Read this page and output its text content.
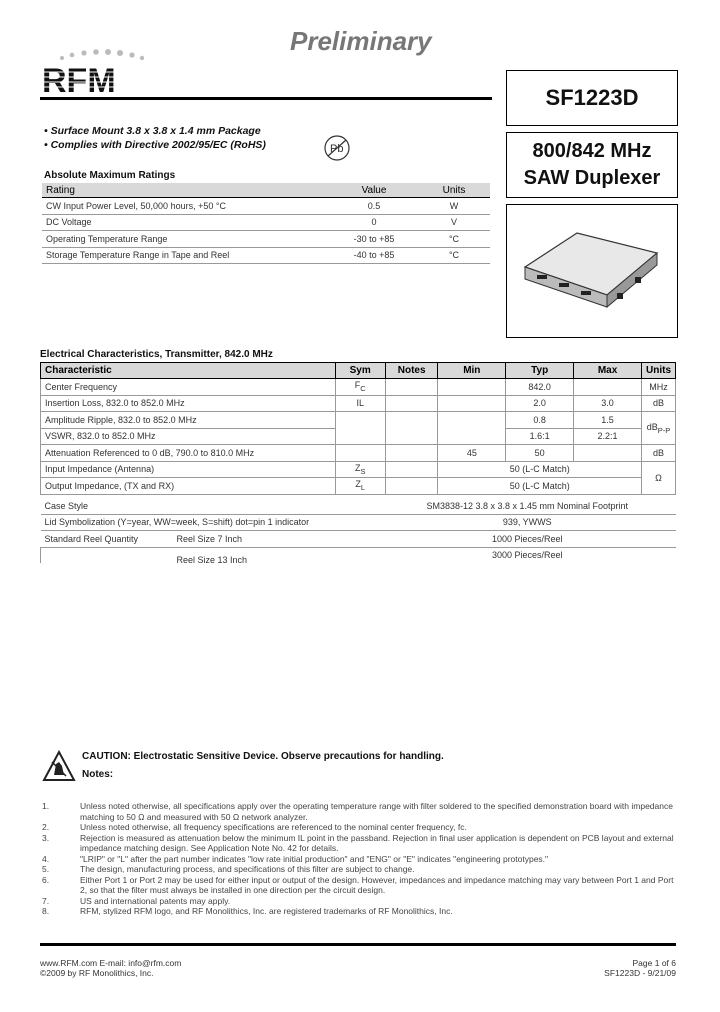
Preliminary
RFM	SF1223D
800/842 MHz
SAW Duplexer
• Surface Mount 3.8 x 3.8 x 1.4 mm Package
• Complies with Directive 2002/95/EC (RoHS)	Pb
Absolute Maximum Ratings
Rating	Value	Units
CW Input Power Level, 50,000 hours, +50 °C	0.5	W
DC Voltage	0	V
Operating Temperature Range	-30 to +85	°C
Storage Temperature Range in Tape and Reel	-40 to +85	°C
Electrical Characteristics, Transmitter, 842.0 MHz
Characteristic	Sym	Notes	Min	Typ	Max	Units
Center Frequency	$F_C$			842.0		MHz
Insertion Loss, 832.0 to 852.0 MHz	IL			2.0	3.0	dB
Amplitude Ripple, 832.0 to 852.0 MHz				0.8	1.5	$dB_{P-P}$
VSWR, 832.0 to 852.0 MHz				1.6:1	2.2:1	
Attenuation Referenced to 0 dB, 790.0 to 810.0 MHz			45	50		dB
Input Impedance (Antenna)	$Z_S$		50 (L-C Match)			Ω
Output Impedance, (TX and RX)	$Z_L$		50 (L-C Match)			
Case Style	SM3838-12 3.8 x 3.8 x 1.45 mm Nominal Footprint
Lid Symbolization (Y=year, WW=week, S=shift) dot=pin 1 indicator	939, YWWS
Standard Reel Quantity Reel Size 7 Inch	1000 Pieces/Reel

Reel Size 13 Inch	3000 Pieces/Reel
CAUTION: Electrostatic Sensitive Device. Observe precautions for handling.
Notes:
1.	Unless noted otherwise, all specifications apply over the operating temperature range with filter soldered to the specified demonstration board with impedance matching to 50 Ω and measured with 50 Ω network analyzer.
2.	Unless noted otherwise, all frequency specifications are referenced to the nominal center frequency, fc.
3.	Rejection is measured as attenuation below the minimum IL point in the passband. Rejection in final user application is dependent on PCB layout and external impedance matching design. See Application Note No. 42 for details.
4.	"LRIP" or "L" after the part number indicates "low rate initial production" and "ENG" or "E" indicates "engineering prototypes."
5.	The design, manufacturing process, and specifications of this filter are subject to change.
6.	Either Port 1 or Port 2 may be used for either input or output of the design. However, impedances and impedance matching may vary between Port 1 and Port 2, so that the filter must always be installed in one direction per the circuit design.
7.	US and international patents may apply.
8.	RFM, stylized RFM logo, and RF Monolithics, Inc. are registered trademarks of RF Monolithics, Inc.
www.RFM.com E-mail: info@rfm.com
©2009 by RF Monolithics, Inc.
Page 1 of 6
SF1223D - 9/21/09
